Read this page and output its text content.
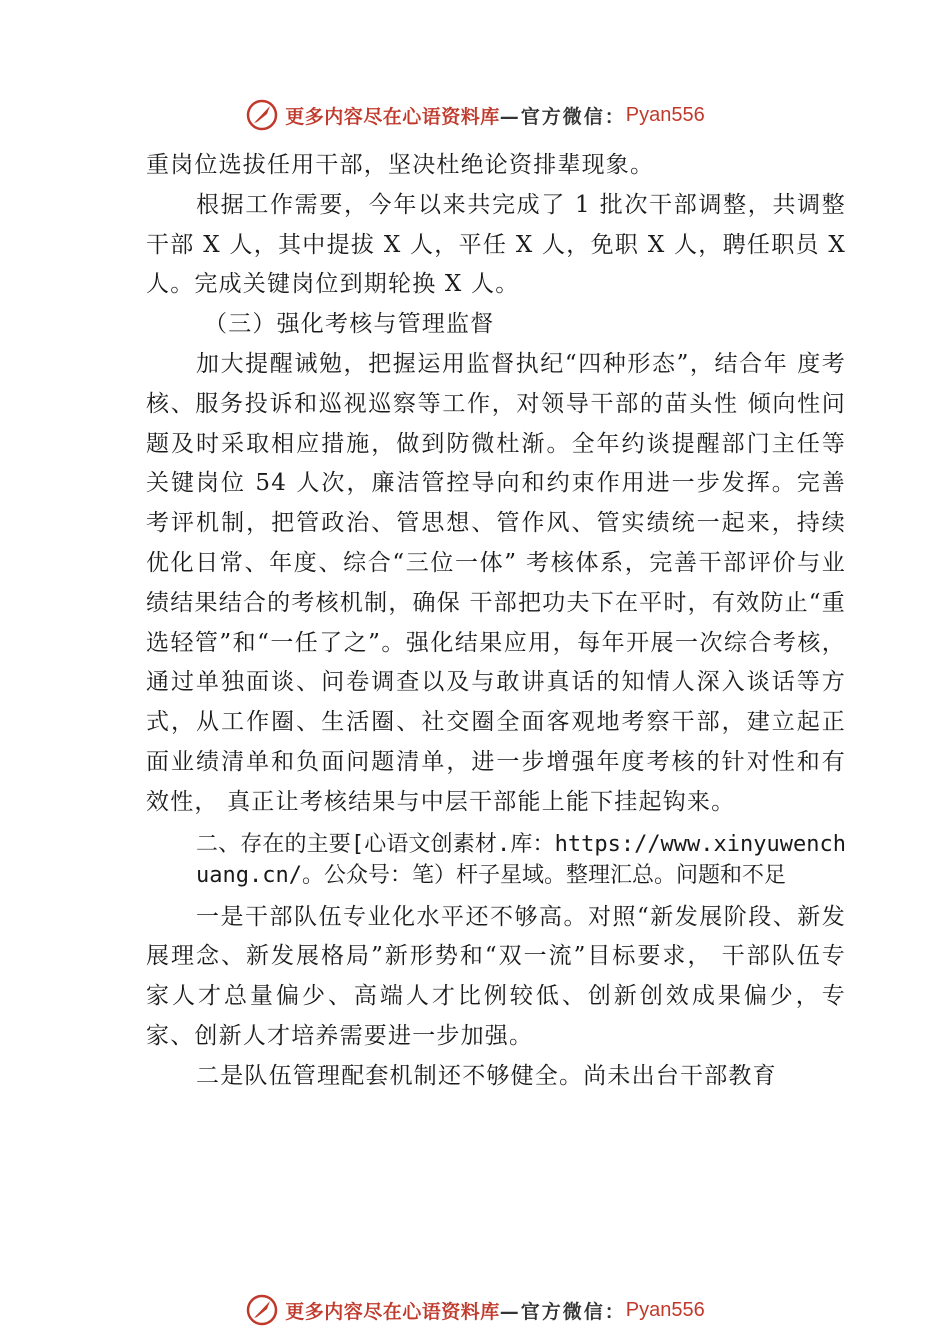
更多内容尽在心语资料库 —官方微信： Pyan556

重岗位选拔任用干部，坚决杜绝论资排辈现象。

根据工作需要，今年以来共完成了 1 批次干部调整，共调整干部 X 人，其中提拔 X 人，平任 X 人，免职 X 人，聘任职员 X 人。完成关键岗位到期轮换 X 人。

（三）强化考核与管理监督

加大提醒诫勉，把握运用监督执纪“四种形态”，结合年 度考核、服务投诉和巡视巡察等工作，对领导干部的苗头性 倾向性问题及时采取相应措施，做到防微杜渐。全年约谈提醒部门主任等关键岗位 54 人次，廉洁管控导向和约束作用进一步发挥。完善考评机制，把管政治、管思想、管作风、管实绩统一起来，持续优化日常、年度、综合“三位一体” 考核体系，完善干部评价与业绩结果结合的考核机制，确保 干部把功夫下在平时，有效防止“重选轻管”和“一任了之”。强化结果应用，每年开展一次综合考核，通过单独面谈、问卷调查以及与敢讲真话的知情人深入谈话等方式，从工作圈、生活圈、社交圈全面客观地考察干部，建立起正面业绩清单和负面问题清单，进一步增强年度考核的针对性和有效性， 真正让考核结果与中层干部能上能下挂起钩来。

二、存在的主要[心语文创素材.库：https://www.xinyuwenchuang.cn/。公众号：笔）杆子星域。整理汇总。问题和不足

一是干部队伍专业化水平还不够高。对照“新发展阶段、新发展理念、新发展格局”新形势和“双一流”目标要求， 干部队伍专家人才总量偏少、高端人才比例较低、创新创效成果偏少，专家、创新人才培养需要进一步加强。

二是队伍管理配套机制还不够健全。尚未出台干部教育

更多内容尽在心语资料库 —官方微信： Pyan556
